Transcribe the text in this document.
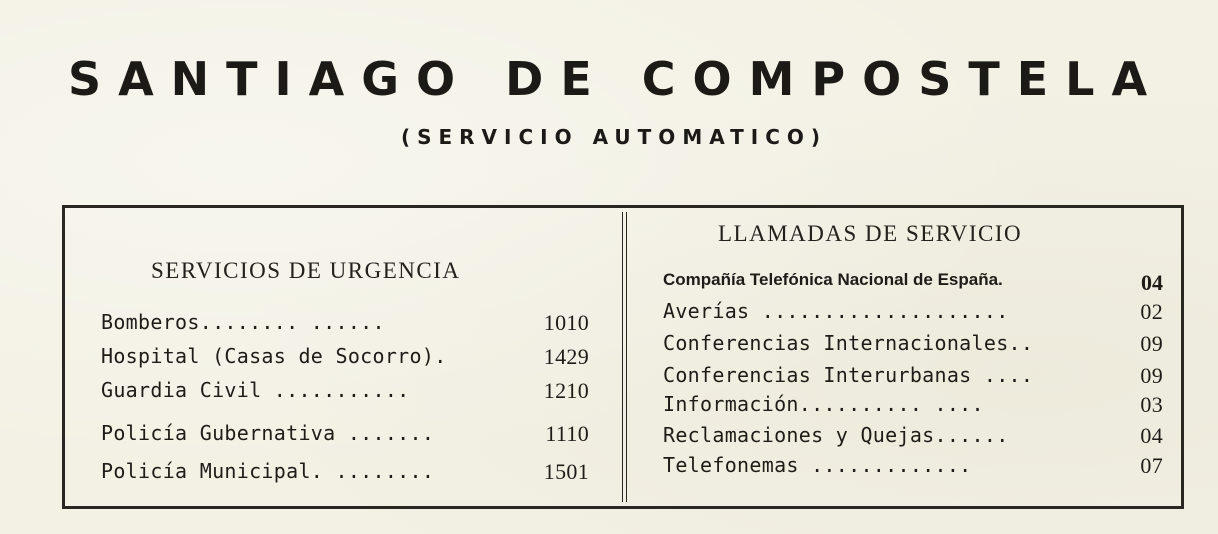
SANTIAGO DE COMPOSTELA
(SERVICIO AUTOMATICO)
SERVICIOS DE URGENCIA
Bomberos........ ......	1010
Hospital (Casas de Socorro).	1429
Guardia Civil ...........	1210
Policía Gubernativa .......	1110
Policía Municipal. ........	1501
LLAMADAS DE SERVICIO
Compañía Telefónica Nacional de España.	04
Averías ....................	02
Conferencias Internacionales..	09
Conferencias Interurbanas ....	09
Información.......... ....	03
Reclamaciones y Quejas......	04
Telefonemas .............	07
